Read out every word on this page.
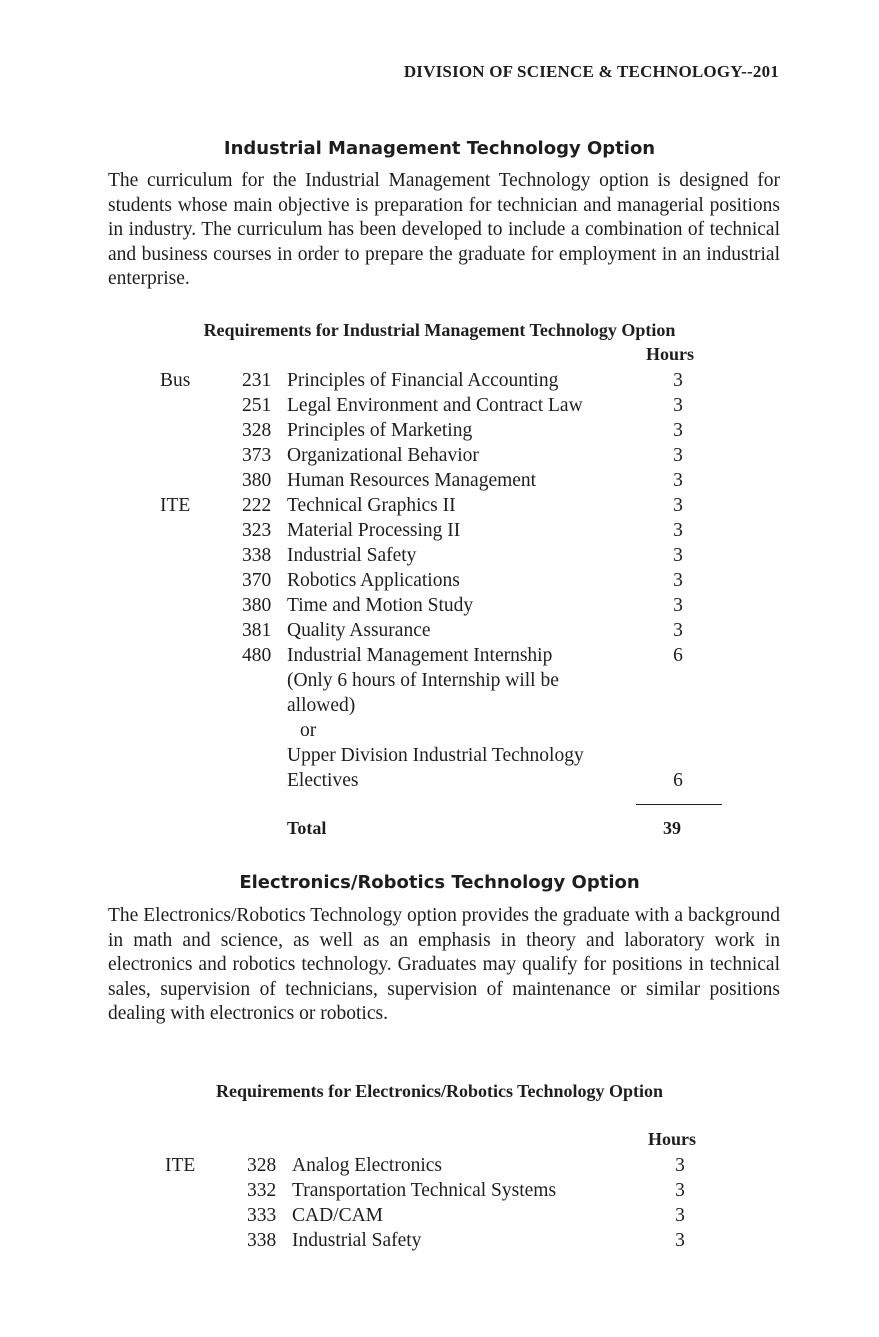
DIVISION OF SCIENCE & TECHNOLOGY--201
Industrial Management Technology Option
The curriculum for the Industrial Management Technology option is designed for students whose main objective is preparation for technician and managerial positions in industry. The curriculum has been developed to include a combination of technical and business courses in order to prepare the graduate for employment in an industrial enterprise.
Requirements for Industrial Management Technology Option
Hours
Bus	231 Principles of Financial Accounting	3
251 Legal Environment and Contract Law	3
328 Principles of Marketing	3
373 Organizational Behavior	3
380 Human Resources Management	3
ITE	222 Technical Graphics II	3
323 Material Processing II	3
338 Industrial Safety	3
370 Robotics Applications	3
380 Time and Motion Study	3
381 Quality Assurance	3
480 Industrial Management Internship	6
(Only 6 hours of Internship will be
allowed)
or
Upper Division Industrial Technology
Electives	6
Total	39
Electronics/Robotics Technology Option
The Electronics/Robotics Technology option provides the graduate with a background in math and science, as well as an emphasis in theory and laboratory work in electronics and robotics technology. Graduates may qualify for positions in technical sales, supervision of technicians, supervision of maintenance or similar positions dealing with electronics or robotics.
Requirements for Electronics/Robotics Technology Option
Hours
ITE	328 Analog Electronics	3
332 Transportation Technical Systems	3
333 CAD/CAM	3
338 Industrial Safety	3
